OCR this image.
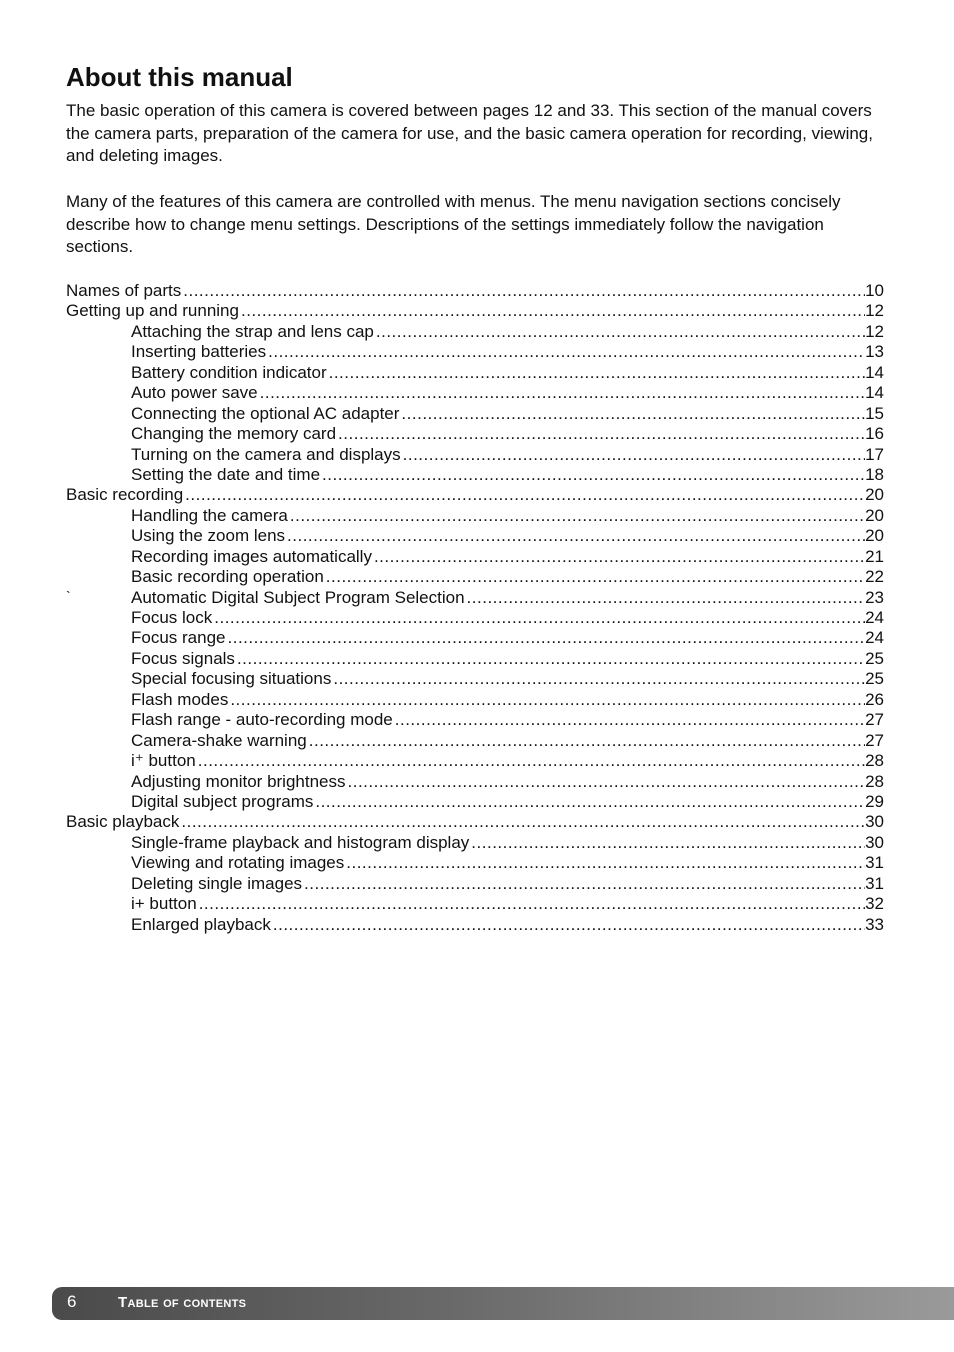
About this manual

The basic operation of this camera is covered between pages 12 and 33. This section of the manual covers the camera parts, preparation of the camera for use, and the basic camera operation for recording, viewing, and deleting images.

Many of the features of this camera are controlled with menus. The menu navigation sections concisely describe how to change menu settings. Descriptions of the settings immediately follow the navigation sections.

Names of parts .....	10
Getting up and running .....	12
Attaching the strap and lens cap .....	12
Inserting batteries .....	13
Battery condition indicator .....	14
Auto power save .....	14
Connecting the optional AC adapter .....	15
Changing the memory card .....	16
Turning on the camera and displays .....	17
Setting the date and time .....	18
Basic recording .....	20
Handling the camera .....	20
Using the zoom lens .....	20
Recording images automatically .....	21
Basic recording operation .....	22
`	Automatic Digital Subject Program Selection .....	23
Focus lock .....	24
Focus range .....	24
Focus signals .....	25
Special focusing situations .....	25
Flash modes .....	26
Flash range - auto-recording mode .....	27
Camera-shake warning .....	27
i⁺ button .....	28
Adjusting monitor brightness .....	28
Digital subject programs .....	29
Basic playback .....	30
Single-frame playback and histogram display .....	30
Viewing and rotating images .....	31
Deleting single images .....	31
i+ button .....	32
Enlarged playback .....	33
6	Table of contents
